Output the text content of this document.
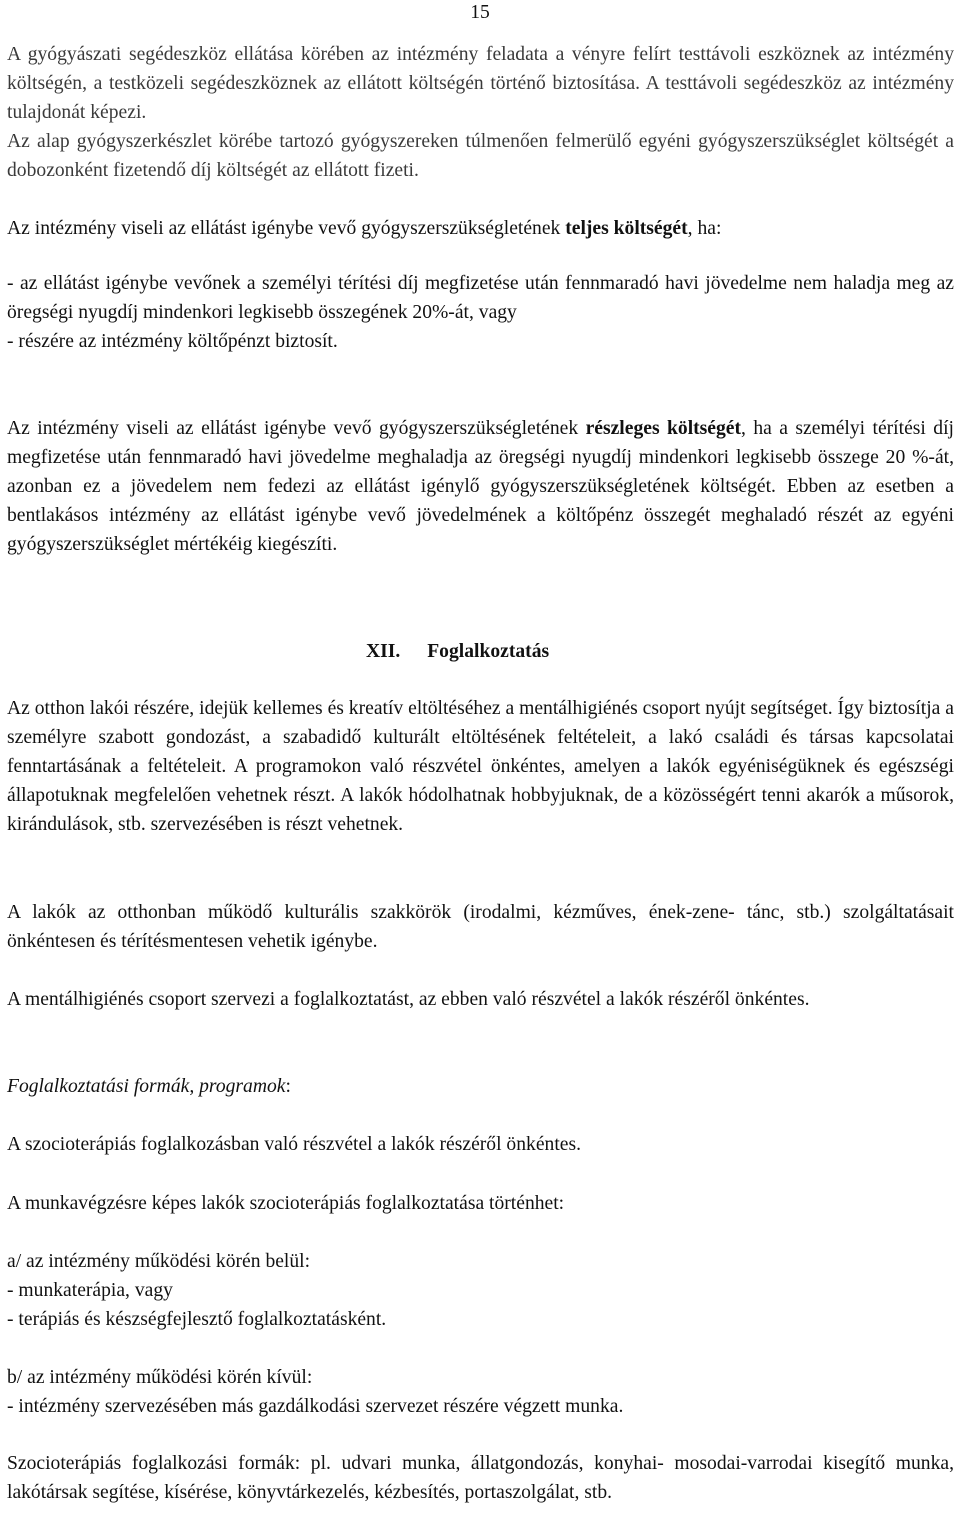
15

A gyógyászati segédeszköz ellátása körében az intézmény feladata a vényre felírt testtávoli eszköznek az intézmény költségén, a testközeli segédeszköznek az ellátott költségén történő biztosítása. A testtávoli segédeszköz az intézmény tulajdonát képezi.

Az alap gyógyszerkészlet körébe tartozó gyógyszereken túlmenően felmerülő egyéni gyógyszerszükséglet költségét a dobozonként fizetendő díj költségét az ellátott fizeti.

Az intézmény viseli az ellátást igénybe vevő gyógyszerszükségletének teljes költségét, ha:

- az ellátást igénybe vevőnek a személyi térítési díj megfizetése után fennmaradó havi jövedelme nem haladja meg az öregségi nyugdíj mindenkori legkisebb összegének 20%-át, vagy

- részére az intézmény költőpénzt biztosít.

Az intézmény viseli az ellátást igénybe vevő gyógyszerszükségletének részleges költségét, ha a személyi térítési díj megfizetése után fennmaradó havi jövedelme meghaladja az öregségi nyugdíj mindenkori legkisebb összege 20 %-át, azonban ez a jövedelem nem fedezi az ellátást igénylő gyógyszerszükségletének költségét. Ebben az esetben a bentlakásos intézmény az ellátást igénybe vevő jövedelmének a költőpénz összegét meghaladó részét az egyéni gyógyszerszükséglet mértékéig kiegészíti.

XII. Foglalkoztatás

Az otthon lakói részére, idejük kellemes és kreatív eltöltéséhez a mentálhigiénés csoport nyújt segítséget. Így biztosítja a személyre szabott gondozást, a szabadidő kulturált eltöltésének feltételeit, a lakó családi és társas kapcsolatai fenntartásának a feltételeit. A programokon való részvétel önkéntes, amelyen a lakók egyéniségüknek és egészségi állapotuknak megfelelően vehetnek részt. A lakók hódolhatnak hobbyjuknak, de a közösségért tenni akarók a műsorok, kirándulások, stb. szervezésében is részt vehetnek.

A lakók az otthonban működő kulturális szakkörök (irodalmi, kézműves, ének-zene- tánc, stb.) szolgáltatásait önkéntesen és térítésmentesen vehetik igénybe.

A mentálhigiénés csoport szervezi a foglalkoztatást, az ebben való részvétel a lakók részéről önkéntes.

Foglalkoztatási formák, programok:

A szocioterápiás foglalkozásban való részvétel a lakók részéről önkéntes.

A munkavégzésre képes lakók szocioterápiás foglalkoztatása történhet:

a/ az intézmény működési körén belül:
- munkaterápia, vagy
- terápiás és készségfejlesztő foglalkoztatásként.
b/ az intézmény működési körén kívül:
- intézmény szervezésében más gazdálkodási szervezet részére végzett munka.

Szocioterápiás foglalkozási formák: pl. udvari munka, állatgondozás, konyhai- mosodai-varrodai kisegítő munka, lakótársak segítése, kísérése, könyvtárkezelés, kézbesítés, portaszolgálat, stb.
